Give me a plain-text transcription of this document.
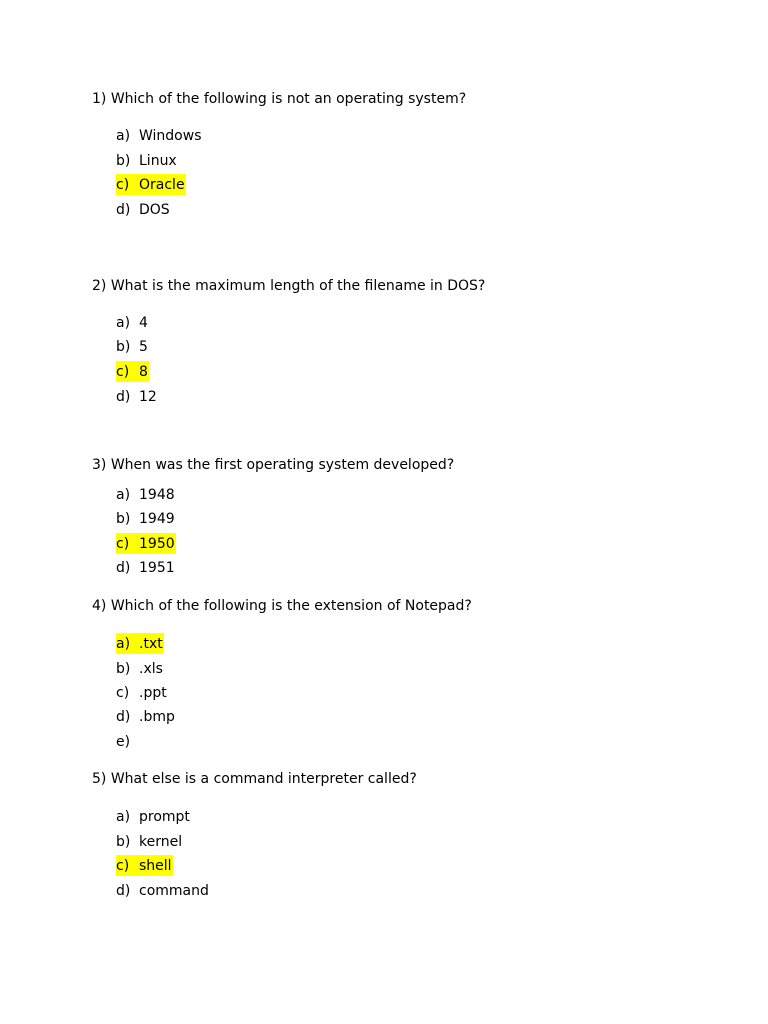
1) Which of the following is not an operating system?
a) Windows
b) Linux
c) Oracle
d) DOS
2) What is the maximum length of the filename in DOS?
a) 4
b) 5
c) 8
d) 12
3) When was the first operating system developed?
a) 1948
b) 1949
c) 1950
d) 1951
4) Which of the following is the extension of Notepad?
a) .txt
b) .xls
c) .ppt
d) .bmp
e)
5) What else is a command interpreter called?
a) prompt
b) kernel
c) shell
d) command
